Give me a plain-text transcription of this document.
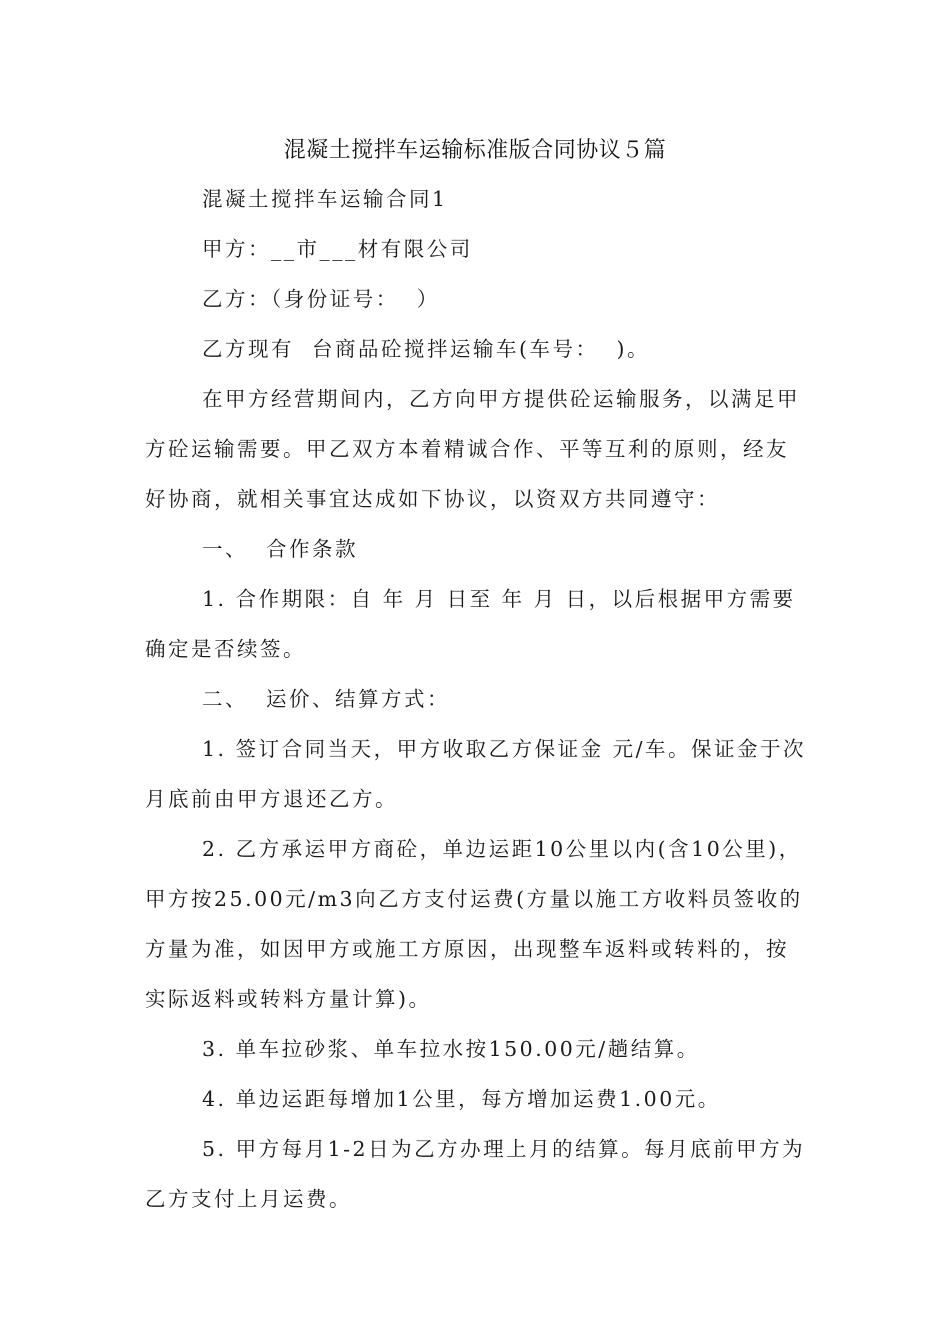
混凝土搅拌车运输标准版合同协议５篇
混凝土搅拌车运输合同1
甲方：__市___材有限公司
乙方：（身份证号：  ）
乙方现有  台商品砼搅拌运输车(车号：  )。
在甲方经营期间内，乙方向甲方提供砼运输服务，以满足甲方砼运输需要。甲乙双方本着精诚合作、平等互利的原则，经友好协商，就相关事宜达成如下协议，以资双方共同遵守：
一、  合作条款
1. 合作期限：自 年 月 日至 年 月 日，以后根据甲方需要确定是否续签。
二、  运价、结算方式：
1. 签订合同当天，甲方收取乙方保证金 元/车。保证金于次月底前由甲方退还乙方。
2. 乙方承运甲方商砼，单边运距10公里以内(含10公里)，甲方按25.00元/m3向乙方支付运费(方量以施工方收料员签收的方量为准，如因甲方或施工方原因，出现整车返料或转料的，按实际返料或转料方量计算)。
3. 单车拉砂浆、单车拉水按150.00元/趟结算。
4. 单边运距每增加1公里，每方增加运费1.00元。
5. 甲方每月1-2日为乙方办理上月的结算。每月底前甲方为乙方支付上月运费。
